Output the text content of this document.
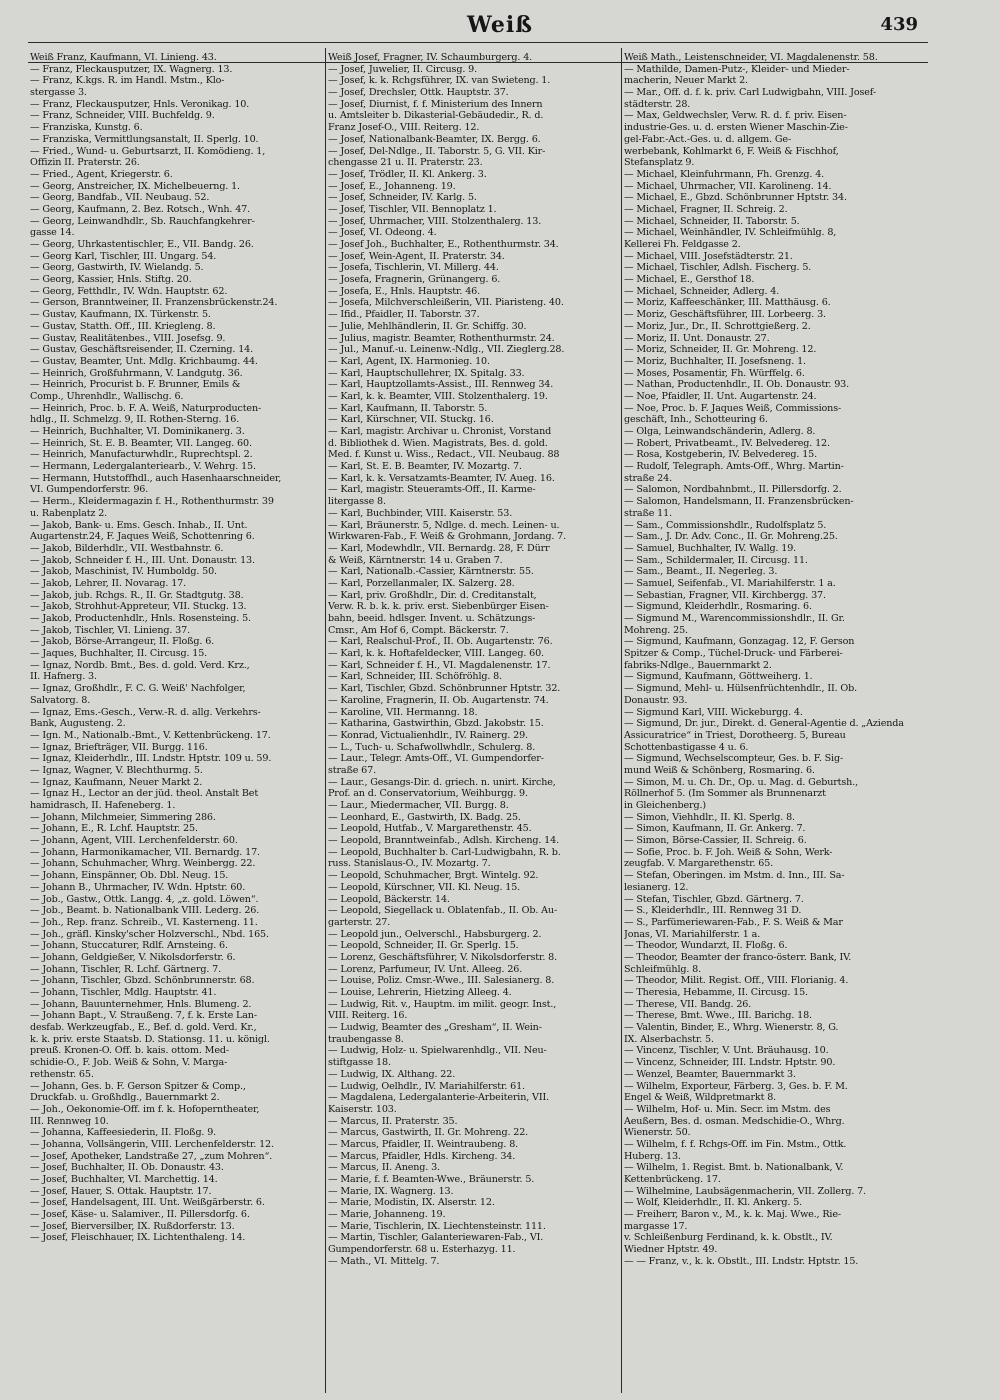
Weiß	439
Weiß Franz, Kaufmann, VI. Linieng. 43.
— Franz, Fleckausputzer, IX. Wagnerg. 13.
— Franz, K.kgs. R. im Handl. Mstm., Klo-
stergasse 3.
— Franz, Fleckausputzer, Hnls. Veronikag. 10.
— Franz, Schneider, VIII. Buchfeldg. 9.
— Franziska, Kunstg. 6.
— Franziska, Vermittlungsanstalt, II. Sperlg. 10.
— Fried., Wund- u. Geburtsarzt, II. Komödieng. 1,
Offizin II. Praterstr. 26.
— Fried., Agent, Kriegerstr. 6.
— Georg, Anstreicher, IX. Michelbeuerng. 1.
— Georg, Bandfab., VII. Neubaug. 52.
— Georg, Kaufmann, 2. Bez. Rotsch., Wnh. 47.
— Georg, Leinwandhdlr., Sb. Rauchfangkehrer-
gasse 14.
— Georg, Uhrkastentischler, E., VII. Bandg. 26.
— Georg Karl, Tischler, III. Ungarg. 54.
— Georg, Gastwirth, IV. Wielandg. 5.
— Georg, Kassier, Hnls. Stiftg. 20.
— Georg, Fetthdlr., IV. Wdn. Hauptstr. 62.
— Gerson, Branntweiner, II. Franzensbrückenstr.24.
— Gustav, Kaufmann, IX. Türkenstr. 5.
— Gustav, Statth. Off., III. Kriegleng. 8.
— Gustav, Realitätenbes., VIII. Josefsg. 9.
— Gustav, Geschäftsreisender, II. Czerning. 14.
— Gustav, Beamter, Unt. Mdlg. Krichbaumg. 44.
— Heinrich, Großfuhrmann, V. Landgutg. 36.
— Heinrich, Procurist b. F. Brunner, Emils &
Comp., Uhrenhdlr., Wallischg. 6.
— Heinrich, Proc. b. F. A. Weiß, Naturproducten-
hdlg., II. Schmelzg. 9, II. Rothen-Sterng. 16.
— Heinrich, Buchhalter, VI. Dominikanerg. 3.
— Heinrich, St. E. B. Beamter, VII. Langeg. 60.
— Heinrich, Manufacturwhdlr., Ruprechtspl. 2.
— Hermann, Ledergalanteriearb., V. Wehrg. 15.
— Hermann, Hutstoffhdl., auch Hasenhaarschneider,
VI. Gumpendorferstr. 96.
— Herm., Kleidermagazin f. H., Rothenthurmstr. 39
u. Rabenplatz 2.
— Jakob, Bank- u. Ems. Gesch. Inhab., II. Unt.
Augartenstr.24, F. Jaques Weiß, Schottenring 6.
— Jakob, Bilderhdlr., VII. Westbahnstr. 6.
— Jakob, Schneider f. H., III. Unt. Donaustr. 13.
— Jakob, Maschinist, IV. Humboldg. 50.
— Jakob, Lehrer, II. Novarag. 17.
— Jakob, jub. Rchgs. R., II. Gr. Stadtgutg. 38.
— Jakob, Strohhut-Appreteur, VII. Stuckg. 13.
— Jakob, Productenhdlr., Hnls. Rosensteing. 5.
— Jakob, Tischler, VI. Linieng. 37.
— Jakob, Börse-Arrangeur, II. Floßg. 6.
— Jaques, Buchhalter, II. Circusg. 15.
— Ignaz, Nordb. Bmt., Bes. d. gold. Verd. Krz.,
II. Hafnerg. 3.
— Ignaz, Großhdlr., F. C. G. Weiß' Nachfolger,
Salvatorg. 8.
— Ignaz, Ems.-Gesch., Verw.-R. d. allg. Verkehrs-
Bank, Augusteng. 2.
— Ign. M., Nationalb.-Bmt., V. Kettenbrückeng. 17.
— Ignaz, Briefträger, VII. Burgg. 116.
— Ignaz, Kleiderhdlr., III. Lndstr. Hptstr. 109 u. 59.
— Ignaz, Wagner, V. Blechthurmg. 5.
— Ignaz, Kaufmann, Neuer Markt 2.
— Ignaz H., Lector an der jüd. theol. Anstalt Bet
hamidrasch, II. Hafeneberg. 1.
— Johann, Milchmeier, Simmering 286.
— Johann, E., R. Lchf. Hauptstr. 25.
— Johann, Agent, VIII. Lerchenfelderstr. 60.
— Johann, Harmonikamacher, VII. Bernardg. 17.
— Johann, Schuhmacher, Whrg. Weinbergg. 22.
— Johann, Einspänner, Ob. Dbl. Neug. 15.
— Johann B., Uhrmacher, IV. Wdn. Hptstr. 60.
— Job., Gastw., Ottk. Langg. 4, „z. gold. Löwen“.
— Job., Beamt. b. Nationalbank VIII. Lederg. 26.
— Joh., Rep. franz. Schreib., VI. Kasterneng. 11.
— Joh., gräfl. Kinsky'scher Holzverschl., Nbd. 165.
— Johann, Stuccaturer, Rdlf. Arnsteing. 6.
— Johann, Geldgießer, V. Nikolsdorferstr. 6.
— Johann, Tischler, R. Lchf. Gärtnerg. 7.
— Johann, Tischler, Gbzd. Schönbrunnerstr. 68.
— Johann, Tischler, Mdlg. Hauptstr. 41.
— Johann, Bauunternehmer, Hnls. Blumeng. 2.
— Johann Bapt., V. Straußeng. 7, f. k. Erste Lan-
desfab. Werkzeugfab., E., Bef. d. gold. Verd. Kr.,
k. k. priv. erste Staatsb. D. Stationsg. 11. u. königl.
preuß. Kronen-O. Off. b. kais. ottom. Med-
schidie-O., F. Job. Weiß & Sohn, V. Marga-
rethenstr. 65.
— Johann, Ges. b. F. Gerson Spitzer & Comp.,
Druckfab. u. Großhdlg., Bauernmarkt 2.
— Joh., Oekonomie-Off. im f. k. Hofoperntheater,
III. Rennweg 10.
— Johanna, Kaffeesiederin, II. Floßg. 9.
— Johanna, Vollsängerin, VIII. Lerchenfelderstr. 12.
— Josef, Apotheker, Landstraße 27, „zum Mohren“.
— Josef, Buchhalter, II. Ob. Donaustr. 43.
— Josef, Buchhalter, VI. Marchettig. 14.
— Josef, Hauer, S. Ottak. Hauptstr. 17.
— Josef, Handelsagent, III. Unt. Weißgärberstr. 6.
— Josef, Käse- u. Salamiver., II. Pillersdorfg. 6.
— Josef, Bierversilber, IX. Rußdorferstr. 13.
— Josef, Fleischhauer, IX. Lichtenthaleng. 14.
Weiß Josef, Fragner, IV. Schaumburgerg. 4.
— Josef, Juwelier, II. Circusg. 9.
— Josef, k. k. Rchgsführer, IX. van Swieteng. 1.
— Josef, Drechsler, Ottk. Hauptstr. 37.
— Josef, Diurnist, f. f. Ministerium des Innern
u. Amtsleiter b. Dikasterial-Gebäudedir., R. d.
Franz Josef-O., VIII. Reiterg. 12.
— Josef, Nationalbank-Beamter, IX. Bergg. 6.
— Josef, Del-Ndlge., II. Taborstr. 5, G. VII. Kir-
chengasse 21 u. II. Praterstr. 23.
— Josef, Trödler, II. Kl. Ankerg. 3.
— Josef, E., Johanneng. 19.
— Josef, Schneider, IV. Karlg. 5.
— Josef, Tischler, VII. Bennoplatz 1.
— Josef, Uhrmacher, VIII. Stolzenthalerg. 13.
— Josef, VI. Odeong. 4.
— Josef Joh., Buchhalter, E., Rothenthurmstr. 34.
— Josef, Wein-Agent, II. Praterstr. 34.
— Josefa, Tischlerin, VI. Millerg. 44.
— Josefa, Fragnerin, Grünangerg. 6.
— Josefa, E., Hnls. Hauptstr. 46.
— Josefa, Milchverschleißerin, VII. Piaristeng. 40.
— Ifid., Pfaidler, II. Taborstr. 37.
— Julie, Mehlhändlerin, II. Gr. Schiffg. 30.
— Julius, magistr. Beamter, Rothenthurmstr. 24.
— Jul., Manuf.-u. Leinenw.-Ndlg., VII. Zieglerg.28.
— Karl, Agent, IX. Harmonieg. 10.
— Karl, Hauptschullehrer, IX. Spitalg. 33.
— Karl, Hauptzollamts-Assist., III. Rennweg 34.
— Karl, k. k. Beamter, VIII. Stolzenthalerg. 19.
— Karl, Kaufmann, II. Taborstr. 5.
— Karl, Kürschner, VII. Stuckg. 16.
— Karl, magistr. Archivar u. Chronist, Vorstand
d. Bibliothek d. Wien. Magistrats, Bes. d. gold.
Med. f. Kunst u. Wiss., Redact., VII. Neubaug. 88
— Karl, St. E. B. Beamter, IV. Mozartg. 7.
— Karl, k. k. Versatzamts-Beamter, IV. Aueg. 16.
— Karl, magistr. Steueramts-Off., II. Karme-
litergasse 8.
— Karl, Buchbinder, VIII. Kaiserstr. 53.
— Karl, Bräunerstr. 5, Ndlge. d. mech. Leinen- u.
Wirkwaren-Fab., F. Weiß & Grohmann, Jordang. 7.
— Karl, Modewhdlr., VII. Bernardg. 28, F. Dürr
& Weiß, Kärntnerstr. 14 u. Graben 7.
— Karl, Nationalb.-Cassier, Kärntnerstr. 55.
— Karl, Porzellanmaler, IX. Salzerg. 28.
— Karl, priv. Großhdlr., Dir. d. Creditanstalt,
Verw. R. b. k. k. priv. erst. Siebenbürger Eisen-
bahn, beeid. hdlsger. Invent. u. Schätzungs-
Cmsr., Am Hof 6, Compt. Bäckerstr. 7.
— Karl, Realschul-Prof., II. Ob. Augartenstr. 76.
— Karl, k. k. Hoftafeldecker, VIII. Langeg. 60.
— Karl, Schneider f. H., VI. Magdalenenstr. 17.
— Karl, Schneider, III. Schöfröhlg. 8.
— Karl, Tischler, Gbzd. Schönbrunner Hptstr. 32.
— Karoline, Fragnerin, II. Ob. Augartenstr. 74.
— Karoline, VII. Hermanng. 18.
— Katharina, Gastwirthin, Gbzd. Jakobstr. 15.
— Konrad, Victualienhdlr., IV. Rainerg. 29.
— L., Tuch- u. Schafwollwhdlr., Schulerg. 8.
— Laur., Telegr. Amts-Off., VI. Gumpendorfer-
straße 67.
— Laur., Gesangs-Dir. d. griech. n. unirt. Kirche,
Prof. an d. Conservatorium, Weihburgg. 9.
— Laur., Miedermacher, VII. Burgg. 8.
— Leonhard, E., Gastwirth, IX. Badg. 25.
— Leopold, Hutfab., V. Margarethenstr. 45.
— Leopold, Branntweinfab., Adlsh. Kircheng. 14.
— Leopold, Buchhalter b. Carl-Ludwigbahn, R. b.
russ. Stanislaus-O., IV. Mozartg. 7.
— Leopold, Schuhmacher, Brgt. Wintelg. 92.
— Leopold, Kürschner, VII. Kl. Neug. 15.
— Leopold, Bäckerstr. 14.
— Leopold, Siegellack u. Oblatenfab., II. Ob. Au-
garterstr. 27.
— Leopold jun., Oelverschl., Habsburgerg. 2.
— Leopold, Schneider, II. Gr. Sperlg. 15.
— Lorenz, Geschäftsführer, V. Nikolsdorferstr. 8.
— Lorenz, Parfumeur, IV. Unt. Alleeg. 26.
— Louise, Poliz. Cmsr.-Wwe., III. Salesianerg. 8.
— Louise, Lehrerin, Hietzing Alleeg. 4.
— Ludwig, Rit. v., Hauptm. im milit. geogr. Inst.,
VIII. Reiterg. 16.
— Ludwig, Beamter des „Gresham“, II. Wein-
traubengasse 8.
— Ludwig, Holz- u. Spielwarenhdlg., VII. Neu-
stiftgasse 18.
— Ludwig, IX. Althang. 22.
— Ludwig, Oelhdlr., IV. Mariahilferstr. 61.
— Magdalena, Ledergalanterie-Arbeiterin, VII.
Kaiserstr. 103.
— Marcus, II. Praterstr. 35.
— Marcus, Gastwirth, II. Gr. Mohreng. 22.
— Marcus, Pfaidler, II. Weintraubeng. 8.
— Marcus, Pfaidler, Hdls. Kircheng. 34.
— Marcus, II. Aneng. 3.
— Marie, f. f. Beamten-Wwe., Bräunerstr. 5.
— Marie, IX. Wagnerg. 13.
— Marie, Modistin, IX. Alserstr. 12.
— Marie, Johanneng. 19.
— Marie, Tischlerin, IX. Liechtensteinstr. 111.
— Martin, Tischler, Galanteriewaren-Fab., VI.
Gumpendorferstr. 68 u. Esterhazyg. 11.
— Math., VI. Mittelg. 7.
Weiß Math., Leistenschneider, VI. Magdalenenstr. 58.
— Mathilde, Damen-Putz-, Kleider- und Mieder-
macherin, Neuer Markt 2.
— Mar., Off. d. f. k. priv. Carl Ludwigbahn, VIII. Josef-
städterstr. 28.
— Max, Geldwechsler, Verw. R. d. f. priv. Eisen-
industrie-Ges. u. d. ersten Wiener Maschin-Zie-
gel-Fabr.-Act.-Ges. u. d. allgem. Ge-
werbebank, Kohlmarkt 6, F. Weiß & Fischhof,
Stefansplatz 9.
— Michael, Kleinfuhrmann, Fh. Grenzg. 4.
— Michael, Uhrmacher, VII. Karolineng. 14.
— Michael, E., Gbzd. Schönbrunner Hptstr. 34.
— Michael, Fragner, II. Schreig. 2.
— Michael, Schneider, II. Taborstr. 5.
— Michael, Weinhändler, IV. Schleifmühlg. 8,
Kellerei Fh. Feldgasse 2.
— Michael, VIII. Josefstädterstr. 21.
— Michael, Tischler, Adlsh. Fischerg. 5.
— Michael, E., Gersthof 18.
— Michael, Schneider, Adlerg. 4.
— Moriz, Kaffeeschänker, III. Matthäusg. 6.
— Moriz, Geschäftsführer, III. Lorbeerg. 3.
— Moriz, Jur., Dr., II. Schrottgießerg. 2.
— Moriz, II. Unt. Donaustr. 27.
— Moriz, Schneider, II. Gr. Mohreng. 12.
— Moriz, Buchhalter, II. Josefsneng. 1.
— Moses, Posamentir, Fh. Würffelg. 6.
— Nathan, Productenhdlr., II. Ob. Donaustr. 93.
— Noe, Pfaidler, II. Unt. Augartenstr. 24.
— Noe, Proc. b. F. Jaques Weiß, Commissions-
geschäft, Inh., Schotteuring 6.
— Olga, Leinwandschänderin, Adlerg. 8.
— Robert, Privatbeamt., IV. Belvedereg. 12.
— Rosa, Kostgeberin, IV. Belvedereg. 15.
— Rudolf, Telegraph. Amts-Off., Whrg. Martin-
straße 24.
— Salomon, Nordbahnbmt., II. Pillersdorfg. 2.
— Salomon, Handelsmann, II. Franzensbrücken-
straße 11.
— Sam., Commissionshdlr., Rudolfsplatz 5.
— Sam., J. Dr. Adv. Conc., II. Gr. Mohreng.25.
— Samuel, Buchhalter, IV. Wallg. 19.
— Sam., Schildermaler, II. Circusg. 11.
— Sam., Beamt., II. Negerleg. 3.
— Samuel, Seifenfab., VI. Mariahilferstr. 1 a.
— Sebastian, Fragner, VII. Kirchbergg. 37.
— Sigmund, Kleiderhdlr., Rosmaring. 6.
— Sigmund M., Warencommissionshdlr., II. Gr.
Mohreng. 25.
— Sigmund, Kaufmann, Gonzagag. 12, F. Gerson
Spitzer & Comp., Tüchel-Druck- und Färberei-
fabriks-Ndlge., Bauernmarkt 2.
— Sigmund, Kaufmann, Göttweiherg. 1.
— Sigmund, Mehl- u. Hülsenfrüchtenhdlr., II. Ob.
Donaustr. 93.
— Sigmund Karl, VIII. Wickeburgg. 4.
— Sigmund, Dr. jur., Direkt. d. General-Agentie d. „Azienda
Assicuratrice“ in Triest, Dorotheerg. 5, Bureau
Schottenbastigasse 4 u. 6.
— Sigmund, Wechselscompteur, Ges. b. F. Sig-
mund Weiß & Schönberg, Rosmaring. 6.
— Simon, M. u. Ch. Dr., Op. u. Mag. d. Geburtsh.,
Röllnerhof 5. (Im Sommer als Brunnenarzt
in Gleichenberg.)
— Simon, Viehhdlr., II. Kl. Sperlg. 8.
— Simon, Kaufmann, II. Gr. Ankerg. 7.
— Simon, Börse-Cassier, II. Schreig. 6.
— Sofie, Proc. b. F. Joh. Weiß & Sohn, Werk-
zeugfab. V. Margarethenstr. 65.
— Stefan, Oberingen. im Mstm. d. Inn., III. Sa-
lesianerg. 12.
— Stefan, Tischler, Gbzd. Gärtnerg. 7.
— S., Kleiderhdlr., III. Rennweg 31 D.
— S., Parfümeriewaren-Fab., F. S. Weiß & Mar
Jonas, VI. Mariahilferstr. 1 a.
— Theodor, Wundarzt, II. Floßg. 6.
— Theodor, Beamter der franco-österr. Bank, IV.
Schleifmühlg. 8.
— Theodor, Milit. Regist. Off., VIII. Florianig. 4.
— Theresia, Hebamme, II. Circusg. 15.
— Therese, VII. Bandg. 26.
— Therese, Bmt. Wwe., III. Barichg. 18.
— Valentin, Binder, E., Whrg. Wienerstr. 8, G.
IX. Alserbachstr. 5.
— Vincenz, Tischler, V. Unt. Bräuhausg. 10.
— Vincenz, Schneider, III. Lndstr. Hptstr. 90.
— Wenzel, Beamter, Bauernmarkt 3.
— Wilhelm, Exporteur, Färberg. 3, Ges. b. F. M.
Engel & Weiß, Wildpretmarkt 8.
— Wilhelm, Hof- u. Min. Secr. im Mstm. des
Aeußern, Bes. d. osman. Medschidie-O., Whrg.
Wienerstr. 50.
— Wilhelm, f. f. Rchgs-Off. im Fin. Mstm., Ottk.
Huberg. 13.
— Wilhelm, 1. Regist. Bmt. b. Nationalbank, V.
Kettenbrückeng. 17.
— Wilhelmine, Laubsägenmacherin, VII. Zollerg. 7.
— Wolf, Kleiderhdlr., II. Kl. Ankerg. 5.
— Freiherr, Baron v., M., k. k. Maj. Wwe., Rie-
margasse 17.
v. Schleißenburg Ferdinand, k. k. Obstlt., IV.
Wiedner Hptstr. 49.
— — Franz, v., k. k. Obstlt., III. Lndstr. Hptstr. 15.
